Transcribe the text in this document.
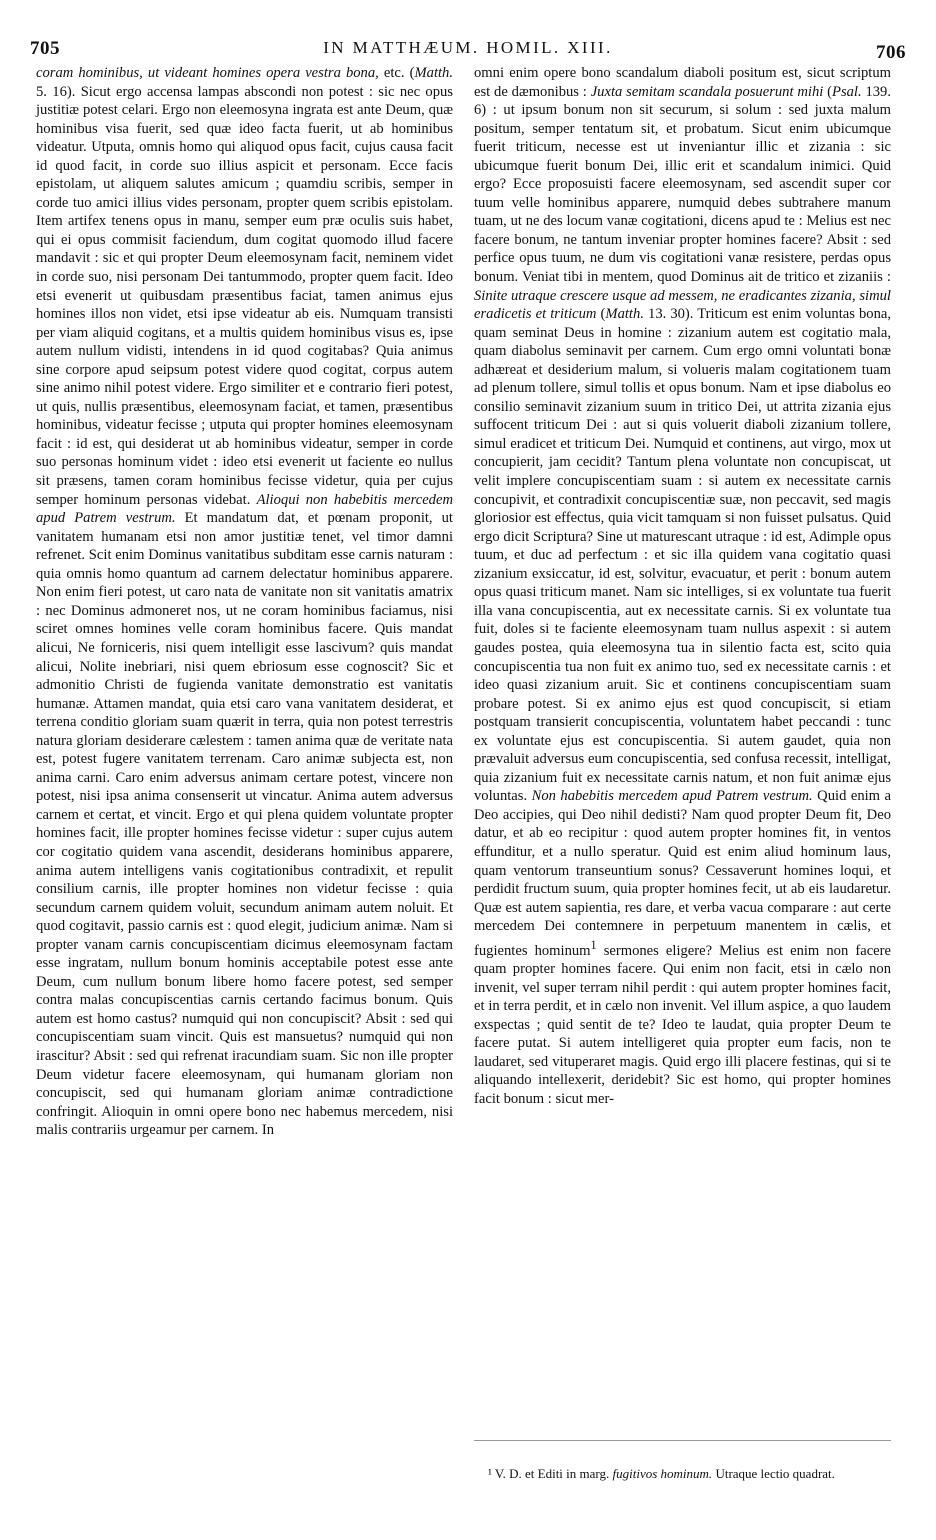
705	IN MATTHÆUM. HOMIL. XIII.	706

coram hominibus, ut videant homines opera vestra bona, etc. (Matth. 5. 16). Sicut ergo accensa lampas abscondi non potest : sic nec opus justitiæ potest celari. Ergo non eleemosyna ingrata est ante Deum, quæ hominibus visa fuerit, sed quæ ideo facta fuerit, ut ab hominibus videatur. Utputa, omnis homo qui aliquod opus facit, cujus causa facit id quod facit, in corde suo illius aspicit et personam. Ecce facis epistolam, ut aliquem salutes amicum ; quamdiu scribis, semper in corde tuo amici illius vides personam, propter quem scribis epistolam. Item artifex tenens opus in manu, semper eum præ oculis suis habet, qui ei opus commisit faciendum, dum cogitat quomodo illud facere mandavit : sic et qui propter Deum eleemosynam facit, neminem videt in corde suo, nisi personam Dei tantummodo, propter quem facit. Ideo etsi evenerit ut quibusdam præsentibus faciat, tamen animus ejus homines illos non videt, etsi ipse videatur ab eis. Numquam transisti per viam aliquid cogitans, et a multis quidem hominibus visus es, ipse autem nullum vidisti, intendens in id quod cogitabas? Quia animus sine corpore apud seipsum potest videre quod cogitat, corpus autem sine animo nihil potest videre. Ergo similiter et e contrario fieri potest, ut quis, nullis præsentibus, eleemosynam faciat, et tamen, præsentibus hominibus, videatur fecisse ; utputa qui propter homines eleemosynam facit : id est, qui desiderat ut ab hominibus videatur, semper in corde suo personas hominum videt : ideo etsi evenerit ut faciente eo nullus sit præsens, tamen coram hominibus fecisse videtur, quia per cujus semper hominum personas videbat. Alioqui non habebitis mercedem apud Patrem vestrum. Et mandatum dat, et pœnam proponit, ut vanitatem humanam etsi non amor justitiæ tenet, vel timor damni refrenet. Scit enim Dominus vanitatibus subditam esse carnis naturam : quia omnis homo quantum ad carnem delectatur hominibus apparere. Non enim fieri potest, ut caro nata de vanitate non sit vanitatis amatrix : nec Dominus admoneret nos, ut ne coram hominibus faciamus, nisi sciret omnes homines velle coram hominibus facere. Quis mandat alicui, Ne forniceris, nisi quem intelligit esse lascivum? quis mandat alicui, Nolite inebriari, nisi quem ebriosum esse cognoscit? Sic et admonitio Christi de fugienda vanitate demonstratio est vanitatis humanæ. Attamen mandat, quia etsi caro vana vanitatem desiderat, et terrena conditio gloriam suam quærit in terra, quia non potest terrestris natura gloriam desiderare cælestem : tamen anima quæ de veritate nata est, potest fugere vanitatem terrenam. Caro animæ subjecta est, non anima carni. Caro enim adversus animam certare potest, vincere non potest, nisi ipsa anima consenserit ut vincatur. Anima autem adversus carnem et certat, et vincit. Ergo et qui plena quidem voluntate propter homines facit, ille propter homines fecisse videtur : super cujus autem cor cogitatio quidem vana ascendit, desiderans hominibus apparere, anima autem intelligens vanis cogitationibus contradixit, et repulit consilium carnis, ille propter homines non videtur fecisse : quia secundum carnem quidem voluit, secundum animam autem noluit. Et quod cogitavit, passio carnis est : quod elegit, judicium animæ. Nam si propter vanam carnis concupiscentiam dicimus eleemosynam factam esse ingratam, nullum bonum hominis acceptabile potest esse ante Deum, cum nullum bonum libere homo facere potest, sed semper contra malas concupiscentias carnis certando facimus bonum. Quis autem est homo castus? numquid qui non concupiscit? Absit : sed qui concupiscentiam suam vincit. Quis est mansuetus? numquid qui non irascitur? Absit : sed qui refrenat iracundiam suam. Sic non ille propter Deum videtur facere eleemosynam, qui humanam gloriam non concupiscit, sed qui humanam gloriam animæ contradictione confringit. Alioquin in omni opere bono nec habemus mercedem, nisi malis contrariis urgeamur per carnem. In

omni enim opere bono scandalum diaboli positum est, sicut scriptum est de dæmonibus : Juxta semitam scandala posuerunt mihi (Psal. 139. 6) : ut ipsum bonum non sit securum, si solum : sed juxta malum positum, semper tentatum sit, et probatum. Sicut enim ubicumque fuerit triticum, necesse est ut inveniantur illic et zizania : sic ubicumque fuerit bonum Dei, illic erit et scandalum inimici. Quid ergo? Ecce proposuisti facere eleemosynam, sed ascendit super cor tuum velle hominibus apparere, numquid debes subtrahere manum tuam, ut ne des locum vanæ cogitationi, dicens apud te : Melius est nec facere bonum, ne tantum inveniar propter homines facere? Absit : sed perfice opus tuum, ne dum vis cogitationi vanæ resistere, perdas opus bonum. Veniat tibi in mentem, quod Dominus ait de tritico et zizaniis : Sinite utraque crescere usque ad messem, ne eradicantes zizania, simul eradicetis et triticum (Matth. 13. 30). Triticum est enim voluntas bona, quam seminat Deus in homine : zizanium autem est cogitatio mala, quam diabolus seminavit per carnem. Cum ergo omni voluntati bonæ adhæreat et desiderium malum, si volueris malam cogitationem tuam ad plenum tollere, simul tollis et opus bonum. Nam et ipse diabolus eo consilio seminavit zizanium suum in tritico Dei, ut attrita zizania ejus suffocent triticum Dei : aut si quis voluerit diaboli zizanium tollere, simul eradicet et triticum Dei. Numquid et continens, aut virgo, mox ut concupierit, jam cecidit? Tantum plena voluntate non concupiscat, ut velit implere concupiscentiam suam : si autem ex necessitate carnis concupivit, et contradixit concupiscentiæ suæ, non peccavit, sed magis gloriosior est effectus, quia vicit tamquam si non fuisset pulsatus. Quid ergo dicit Scriptura? Sine ut maturescant utraque : id est, Adimple opus tuum, et duc ad perfectum : et sic illa quidem vana cogitatio quasi zizanium exsiccatur, id est, solvitur, evacuatur, et perit : bonum autem opus quasi triticum manet. Nam sic intelliges, si ex voluntate tua fuerit illa vana concupiscentia, aut ex necessitate carnis. Si ex voluntate tua fuit, doles si te faciente eleemosynam tuam nullus aspexit : si autem gaudes postea, quia eleemosyna tua in silentio facta est, scito quia concupiscentia tua non fuit ex animo tuo, sed ex necessitate carnis : et ideo quasi zizanium aruit. Sic et continens concupiscentiam suam probare potest. Si ex animo ejus est quod concupiscit, si etiam postquam transierit concupiscentia, voluntatem habet peccandi : tunc ex voluntate ejus est concupiscentia. Si autem gaudet, quia non prævaluit adversus eum concupiscentia, sed confusa recessit, intelligat, quia zizanium fuit ex necessitate carnis natum, et non fuit animæ ejus voluntas. Non habebitis mercedem apud Patrem vestrum. Quid enim a Deo accipies, qui Deo nihil dedisti? Nam quod propter Deum fit, Deo datur, et ab eo recipitur : quod autem propter homines fit, in ventos effunditur, et a nullo speratur. Quid est enim aliud hominum laus, quam ventorum transeuntium sonus? Cessaverunt homines loqui, et perdidit fructum suum, quia propter homines fecit, ut ab eis laudaretur. Quæ est autem sapientia, res dare, et verba vacua comparare : aut certe mercedem Dei contemnere in perpetuum manentem in cælis, et fugientes hominum$^1$ sermones eligere? Melius est enim non facere quam propter homines facere. Qui enim non facit, etsi in cælo non invenit, vel super terram nihil perdit : qui autem propter homines facit, et in terra perdit, et in cælo non invenit. Vel illum aspice, a quo laudem exspectas ; quid sentit de te? Ideo te laudat, quia propter Deum te facere putat. Si autem intelligeret quia propter eum facis, non te laudaret, sed vituperaret magis. Quid ergo illi placere festinas, qui si te aliquando intellexerit, deridebit? Sic est homo, qui propter homines facit bonum : sicut mer-

¹ V. D. et Editi in marg. fugitivos hominum. Utraque lectio quadrat.
